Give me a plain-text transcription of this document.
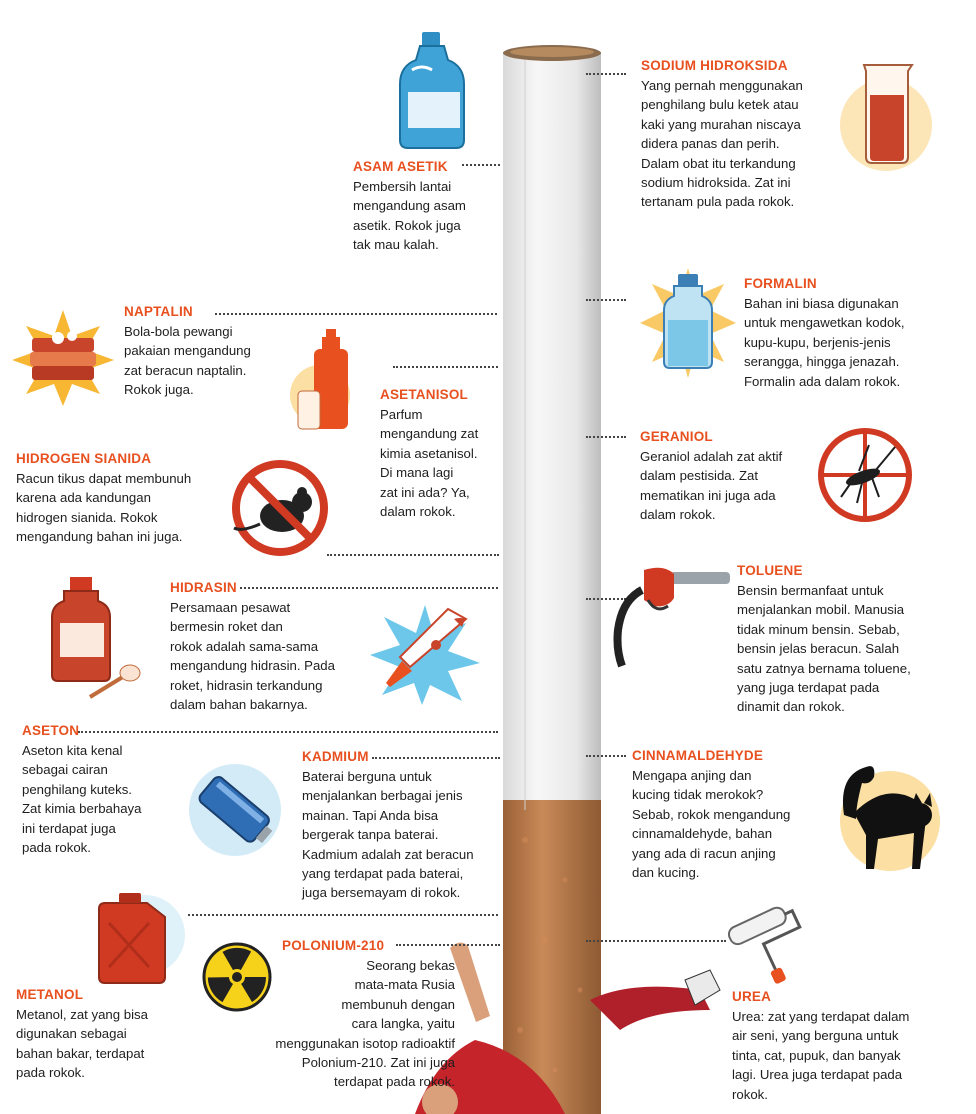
ASAM ASETIK
Pembersih lantai
mengandung asam
asetik. Rokok juga
tak mau kalah.
SODIUM HIDROKSIDA
Yang pernah menggunakan
penghilang bulu ketek atau
kaki yang murahan niscaya
didera panas dan perih.
Dalam obat itu terkandung
sodium hidroksida. Zat ini
tertanam pula pada rokok.
NAPTALIN
Bola-bola pewangi
pakaian mengandung
zat beracun naptalin.
Rokok juga.
FORMALIN
Bahan ini biasa digunakan
untuk mengawetkan kodok,
kupu-kupu, berjenis-jenis
serangga, hingga jenazah.
Formalin ada dalam rokok.
ASETANISOL
Parfum
mengandung zat
kimia asetanisol.
Di mana lagi
zat ini ada? Ya,
dalam rokok.
HIDROGEN SIANIDA
Racun tikus dapat membunuh
karena ada kandungan
hidrogen sianida. Rokok
mengandung bahan ini juga.
GERANIOL
Geraniol adalah zat aktif
dalam pestisida. Zat
mematikan ini juga ada
dalam rokok.
TOLUENE
Bensin bermanfaat untuk
menjalankan mobil. Manusia
tidak minum bensin. Sebab,
bensin jelas beracun. Salah
satu zatnya bernama toluene,
yang juga terdapat pada
dinamit dan rokok.
HIDRASIN
Persamaan pesawat
bermesin roket dan
rokok adalah sama-sama
mengandung hidrasin. Pada
roket, hidrasin terkandung
dalam bahan bakarnya.
ASETON
Aseton kita kenal
sebagai cairan
penghilang kuteks.
Zat kimia berbahaya
ini terdapat juga
pada rokok.
KADMIUM
Baterai berguna untuk
menjalankan berbagai jenis
mainan. Tapi Anda bisa
bergerak tanpa baterai.
Kadmium adalah zat beracun
yang terdapat pada baterai,
juga bersemayam di rokok.
CINNAMALDEHYDE
Mengapa anjing dan
kucing tidak merokok?
Sebab, rokok mengandung
cinnamaldehyde, bahan
yang ada di racun anjing
dan kucing.
POLONIUM-210
Seorang bekas
mata-mata Rusia
membunuh dengan
cara langka, yaitu
menggunakan isotop radioaktif
Polonium-210. Zat ini juga
terdapat pada rokok.
METANOL
Metanol, zat yang bisa
digunakan sebagai
bahan bakar, terdapat
pada rokok.
UREA
Urea: zat yang terdapat dalam
air seni, yang berguna untuk
tinta, cat, pupuk, dan banyak
lagi. Urea juga terdapat pada
rokok.
